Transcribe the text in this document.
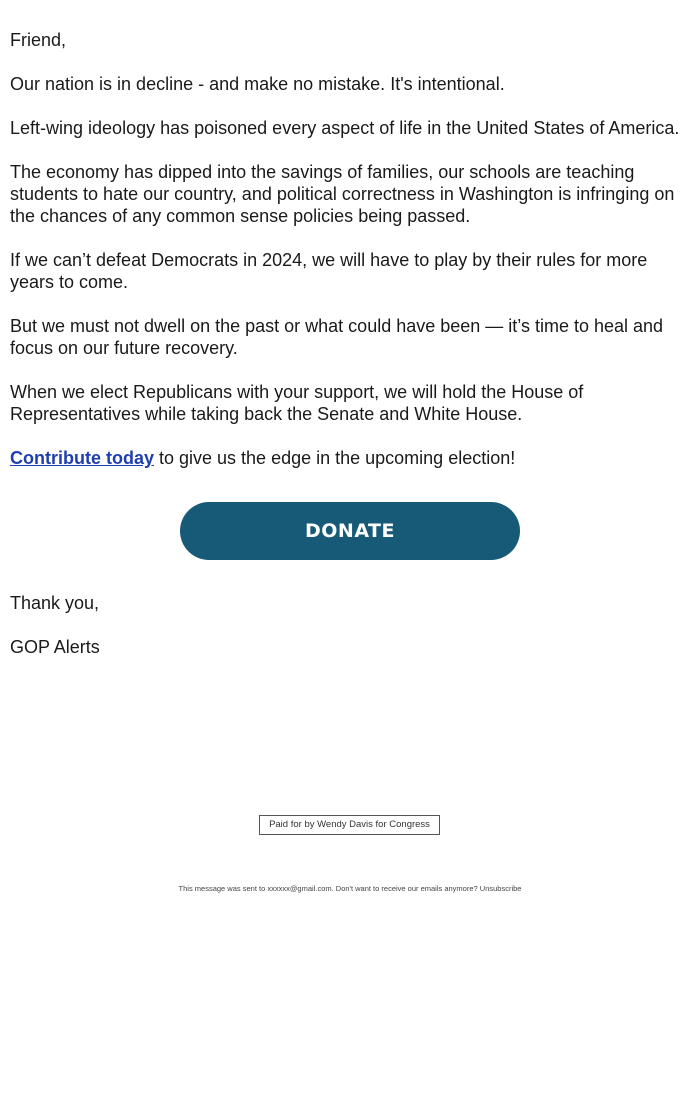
Friend,

Our nation is in decline - and make no mistake. It's intentional.

Left-wing ideology has poisoned every aspect of life in the United States of America.

The economy has dipped into the savings of families, our schools are teaching students to hate our country, and political correctness in Washington is infringing on the chances of any common sense policies being passed.

If we can’t defeat Democrats in 2024, we will have to play by their rules for more years to come.

But we must not dwell on the past or what could have been — it’s time to heal and focus on our future recovery.

When we elect Republicans with your support, we will hold the House of Representatives while taking back the Senate and White House.

Contribute today to give us the edge in the upcoming election!

DONATE

Thank you,

GOP Alerts

Paid for by Wendy Davis for Congress
This message was sent to xxxxxx@gmail.com. Don't want to receive our emails anymore? Unsubscribe
